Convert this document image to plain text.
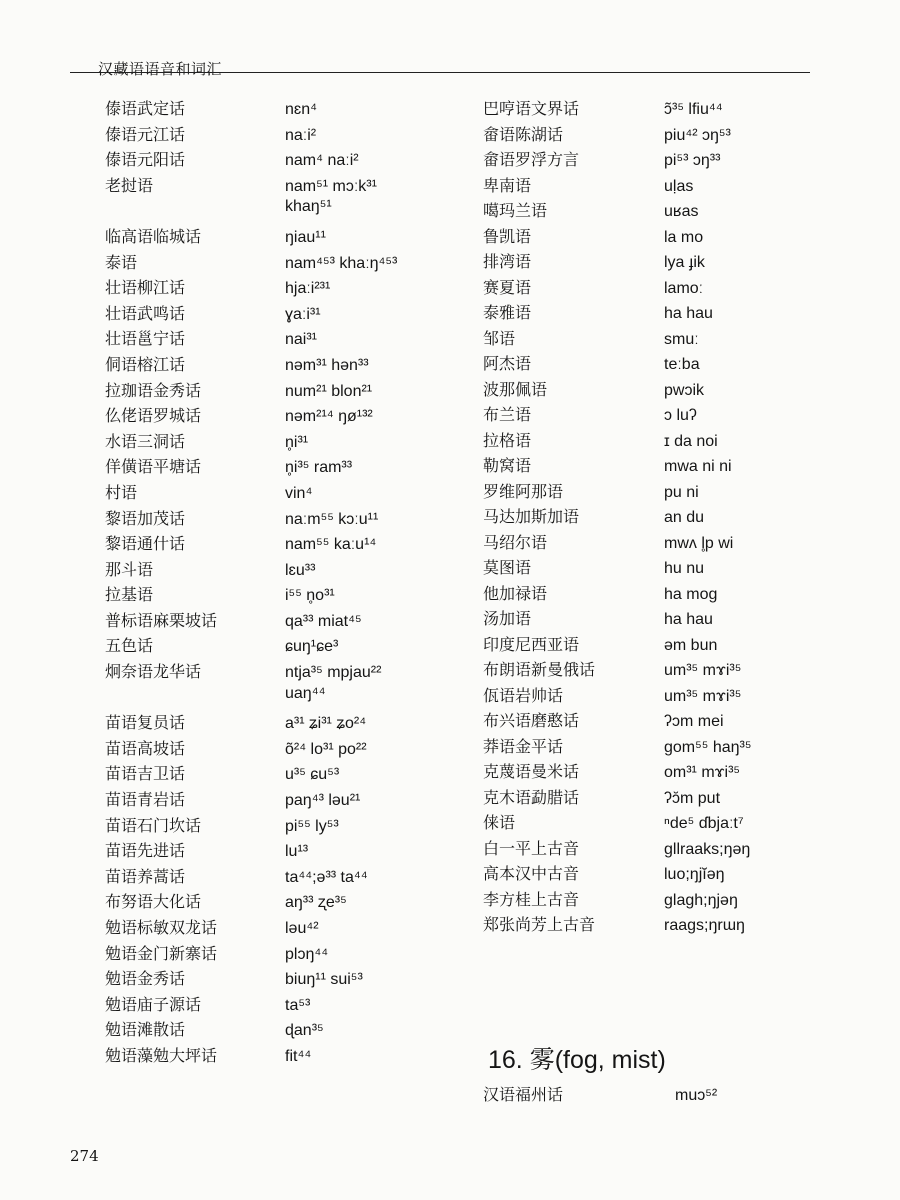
汉藏语语音和词汇
傣语武定话	nɛn⁴
傣语元江话	naːi²
傣语元阳话	nam⁴ naːi²
老挝语	nam⁵¹ mɔːk³¹
khaŋ⁵¹
临高语临城话	ŋiau¹¹
泰语	nam⁴⁵³ khaːŋ⁴⁵³
壮语柳江话	hjaːi²³¹
壮语武鸣话	ɣaːi³¹
壮语邕宁话	nai³¹
侗语榕江话	nəm³¹ hən³³
拉珈语金秀话	num²¹ blon²¹
仫佬语罗城话	nəm²¹⁴ ŋø¹³²
水语三洞话	n̥i³¹
佯僙语平塘话	n̥i³⁵ ram³³
村语	vin⁴
黎语加茂话	naːm⁵⁵ kɔːu¹¹
黎语通什话	nam⁵⁵ kaːu¹⁴
那斗语	lɛu³³
拉基语	i⁵⁵ n̥o³¹
普标语麻栗坡话	qa³³ miat⁴⁵
五色话	ɕuŋ¹ɕe³
炯奈语龙华话	ntja³⁵ mpjau²²
uaŋ⁴⁴
苗语复员话	a³¹ ʑi³¹ ʑo²⁴
苗语高坡话	õ²⁴ lo³¹ po²²
苗语吉卫话	u³⁵ ɕu⁵³
苗语青岩话	paŋ⁴³ ləu²¹
苗语石门坎话	pi⁵⁵ ly⁵³
苗语先进话	lu¹³
苗语养蒿话	ta⁴⁴;ə³³ ta⁴⁴
布努语大化话	aŋ³³ ʐe³⁵
勉语标敏双龙话	ləu⁴²
勉语金门新寨话	plɔŋ⁴⁴
勉语金秀话	biuŋ¹¹ sui⁵³
勉语庙子源话	ta⁵³
勉语滩散话	ɖan³⁵
勉语藻勉大坪话	fit⁴⁴
巴哼语文界话	ɔ̃³⁵ lfiu⁴⁴
畲语陈湖话	piu⁴² ɔŋ⁵³
畲语罗浮方言	pi⁵³ ɔŋ³³
卑南语	uḷas
噶玛兰语	uʁas
鲁凯语	la mo
排湾语	lya ɟik
赛夏语	lamoː
泰雅语	ha hau
邹语	smuː
阿杰语	teːba
波那佩语	pwɔik
布兰语	ɔ luʔ
拉格语	ɪ da noi
勒窝语	mwa ni ni
罗维阿那语	pu ni
马达加斯加语	an du
马绍尔语	mwʌ l̥p wi
莫图语	hu nu
他加禄语	ha mog
汤加语	ha hau
印度尼西亚语	əm bun
布朗语新曼俄话	um³⁵ mɤi³⁵
佤语岩帅话	um³⁵ mɤi³⁵
布兴语磨憨话	ʔɔm mei
莽语金平话	gom⁵⁵ haŋ³⁵
克蔑语曼米话	om³¹ mɤi³⁵
克木语勐腊话	ʔɔ̆m put
俫语	ⁿde⁵ ɗbjaːt⁷
白一平上古音	gllraaks;ŋəŋ
高本汉中古音	luo;ŋjĭəŋ
李方桂上古音	glagh;ŋjəŋ
郑张尚芳上古音	raags;ŋrɯŋ
16. 雾(fog, mist)
汉语福州话	muɔ⁵²
274
